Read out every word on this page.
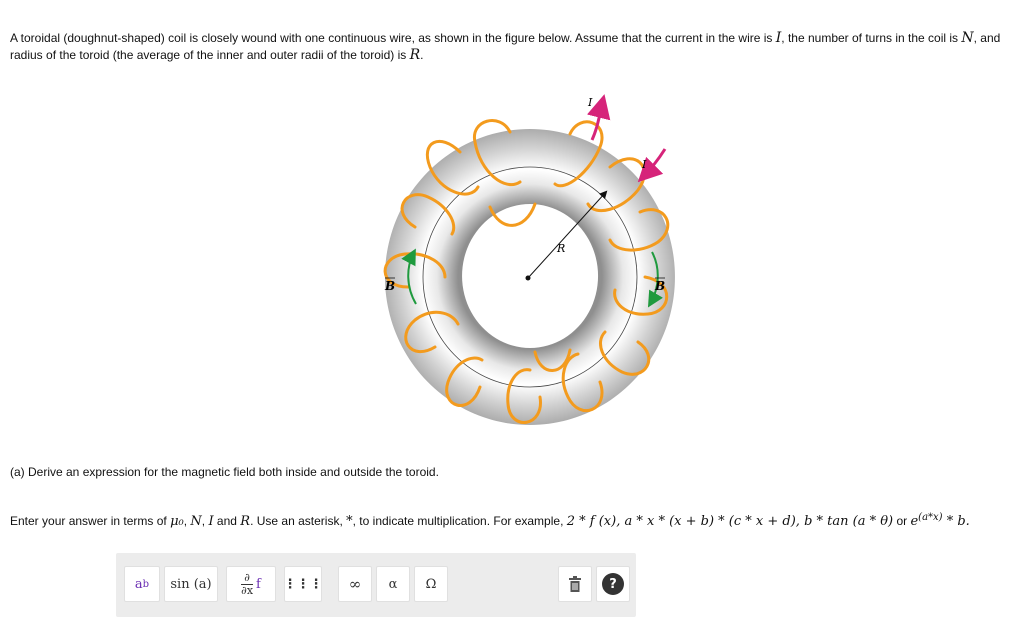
A toroidal (doughnut-shaped) coil is closely wound with one continuous wire, as shown in the figure below. Assume that the current in the wire is I, the number of turns in the coil is N, and
radius of the toroid (the average of the inner and outer radii of the toroid) is R.
I
I
R
B	B
(a) Derive an expression for the magnetic field both inside and outside the toroid.
Enter your answer in terms of μ₀, N, I and R. Use an asterisk, *, to indicate multiplication. For example, 2 * f (x), a * x * (x + b) * (c * x + d), b * tan (a * θ) or $e^{(a*x)}$ * b.
a b	sin (a)	∂
∂x f ⋮⋮⋮	∞	α	Ω	?
